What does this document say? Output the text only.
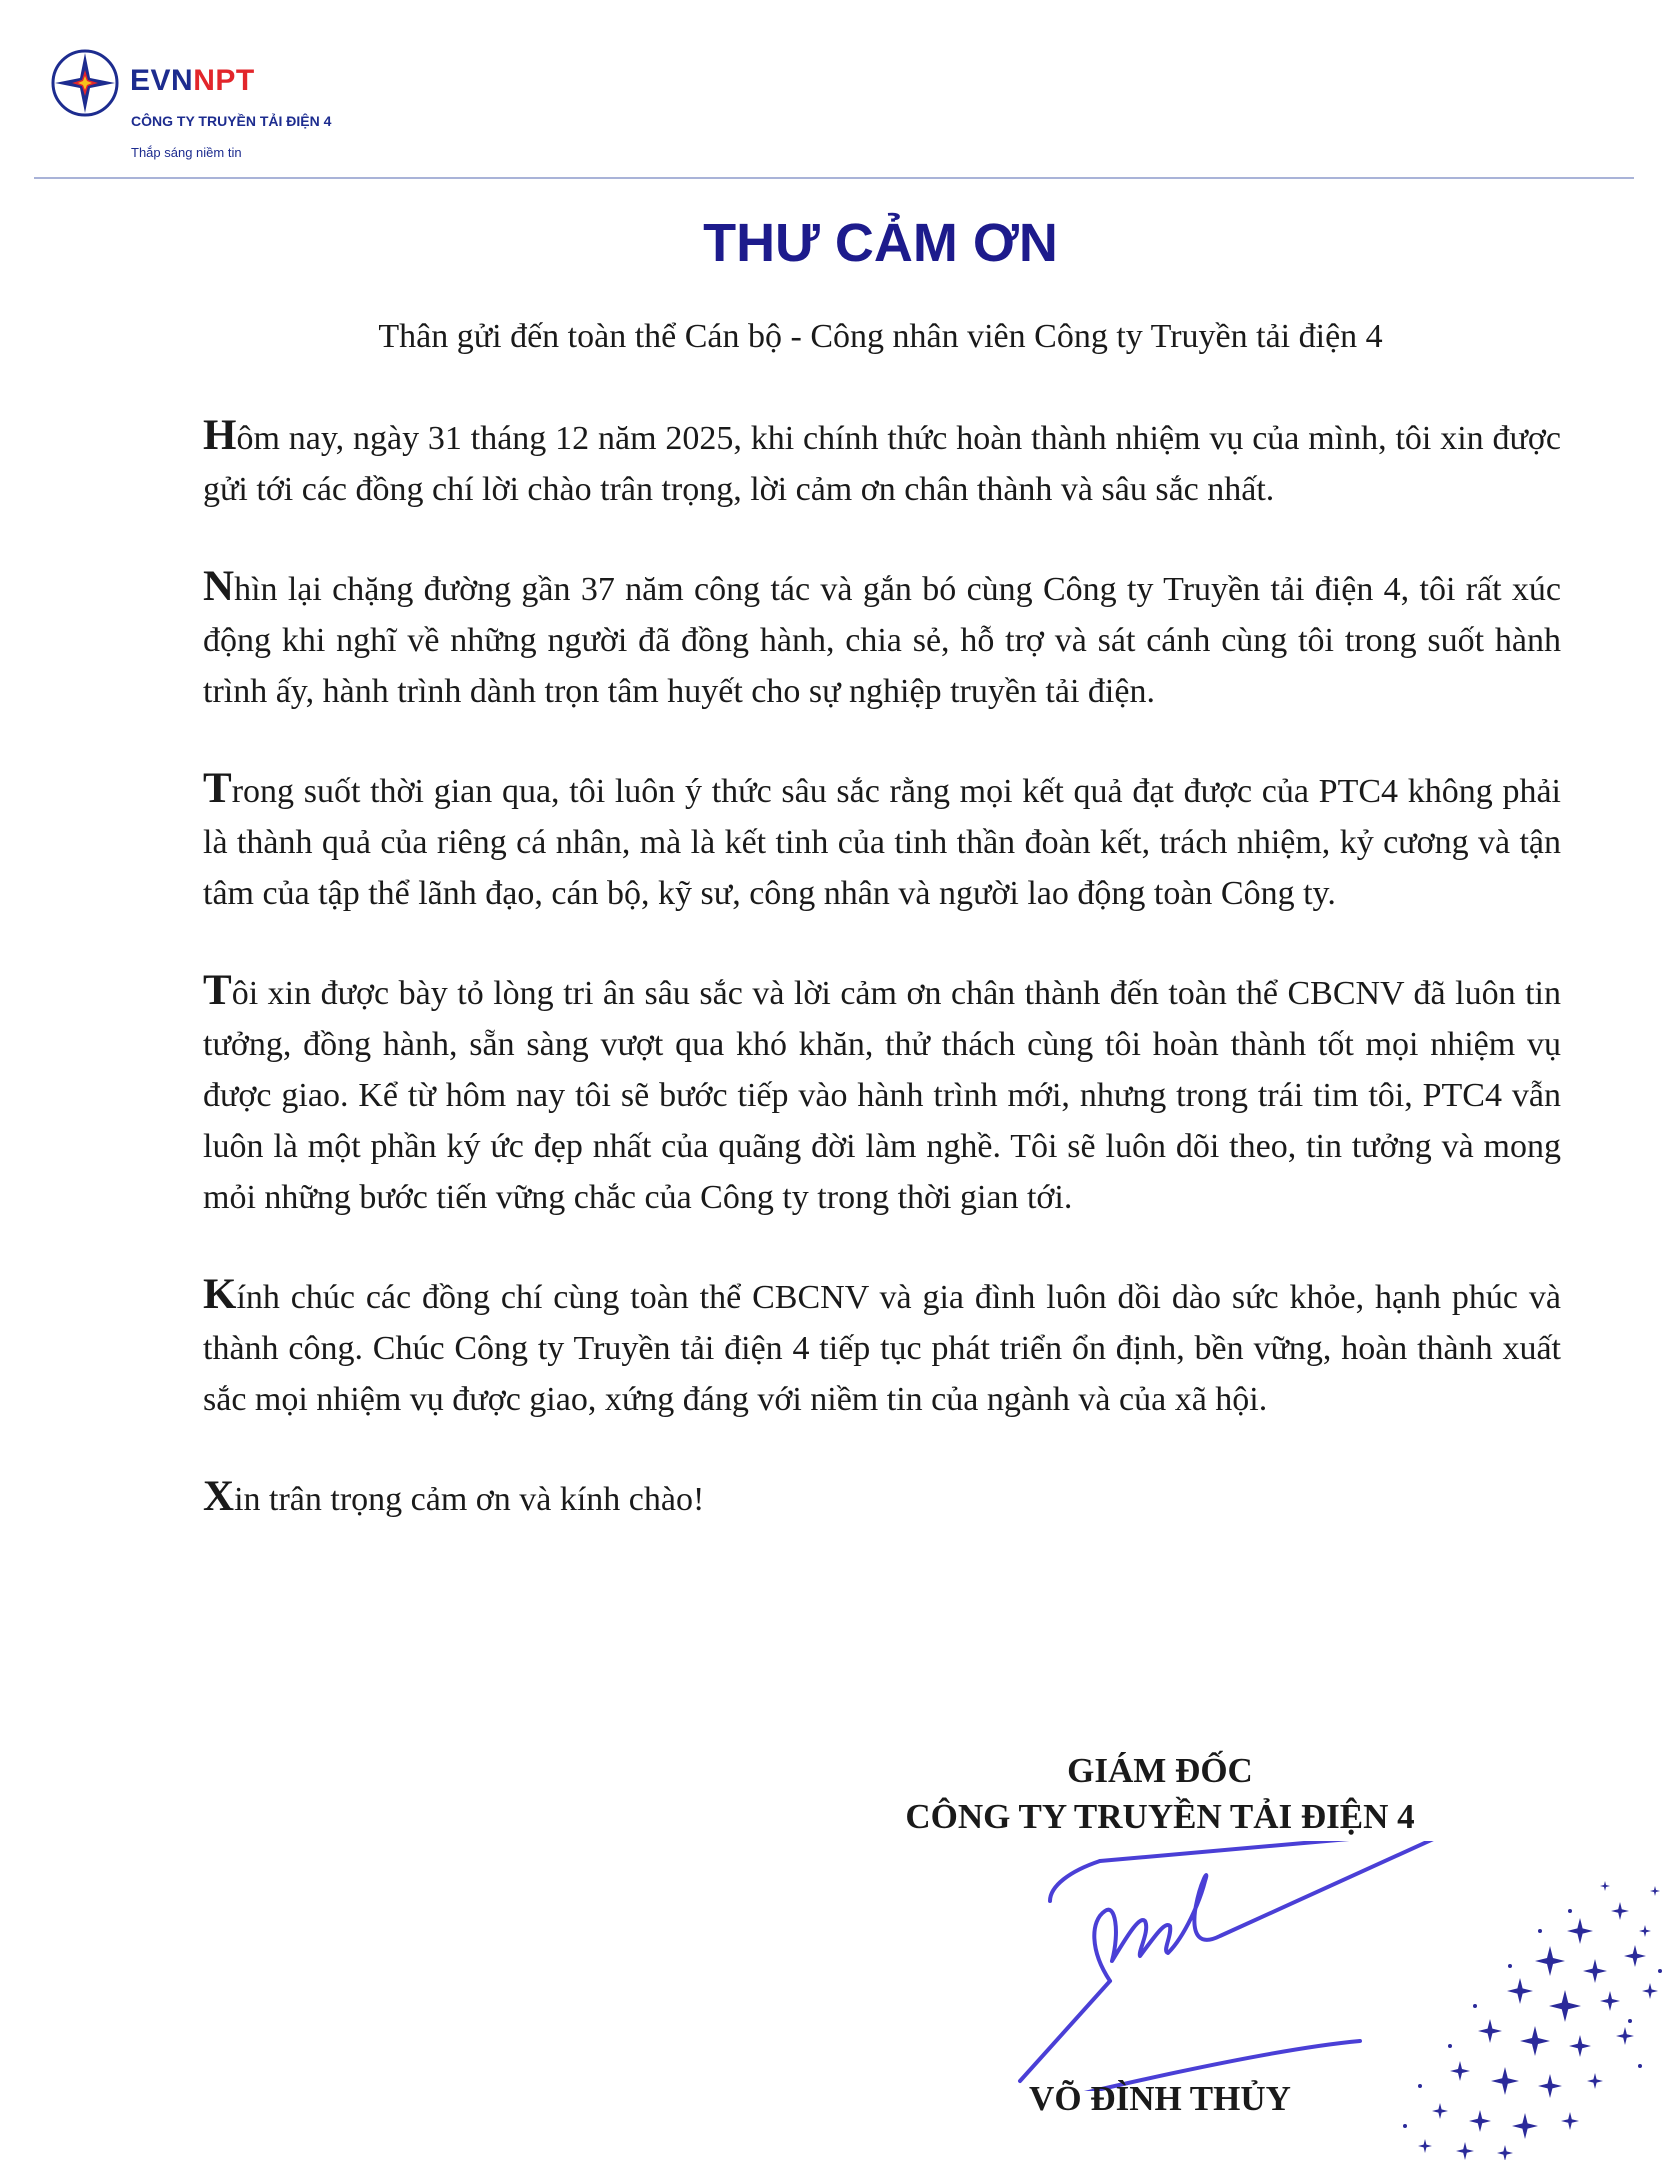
EVNNPT
CÔNG TY TRUYỀN TẢI ĐIỆN 4
Thắp sáng niềm tin
THƯ CẢM ƠN
Thân gửi đến toàn thể Cán bộ - Công nhân viên Công ty Truyền tải điện 4

Hôm nay, ngày 31 tháng 12 năm 2025, khi chính thức hoàn thành nhiệm vụ của mình, tôi xin được gửi tới các đồng chí lời chào trân trọng, lời cảm ơn chân thành và sâu sắc nhất.

Nhìn lại chặng đường gần 37 năm công tác và gắn bó cùng Công ty Truyền tải điện 4, tôi rất xúc động khi nghĩ về những người đã đồng hành, chia sẻ, hỗ trợ và sát cánh cùng tôi trong suốt hành trình ấy, hành trình dành trọn tâm huyết cho sự nghiệp truyền tải điện.

Trong suốt thời gian qua, tôi luôn ý thức sâu sắc rằng mọi kết quả đạt được của PTC4 không phải là thành quả của riêng cá nhân, mà là kết tinh của tinh thần đoàn kết, trách nhiệm, kỷ cương và tận tâm của tập thể lãnh đạo, cán bộ, kỹ sư, công nhân và người lao động toàn Công ty.

Tôi xin được bày tỏ lòng tri ân sâu sắc và lời cảm ơn chân thành đến toàn thể CBCNV đã luôn tin tưởng, đồng hành, sẵn sàng vượt qua khó khăn, thử thách cùng tôi hoàn thành tốt mọi nhiệm vụ được giao. Kể từ hôm nay tôi sẽ bước tiếp vào hành trình mới, nhưng trong trái tim tôi, PTC4 vẫn luôn là một phần ký ức đẹp nhất của quãng đời làm nghề. Tôi sẽ luôn dõi theo, tin tưởng và mong mỏi những bước tiến vững chắc của Công ty trong thời gian tới.

Kính chúc các đồng chí cùng toàn thể CBCNV và gia đình luôn dồi dào sức khỏe, hạnh phúc và thành công. Chúc Công ty Truyền tải điện 4 tiếp tục phát triển ổn định, bền vững, hoàn thành xuất sắc mọi nhiệm vụ được giao, xứng đáng với niềm tin của ngành và của xã hội.

Xin trân trọng cảm ơn và kính chào!

GIÁM ĐỐC
CÔNG TY TRUYỀN TẢI ĐIỆN 4
VÕ ĐÌNH THỦY
